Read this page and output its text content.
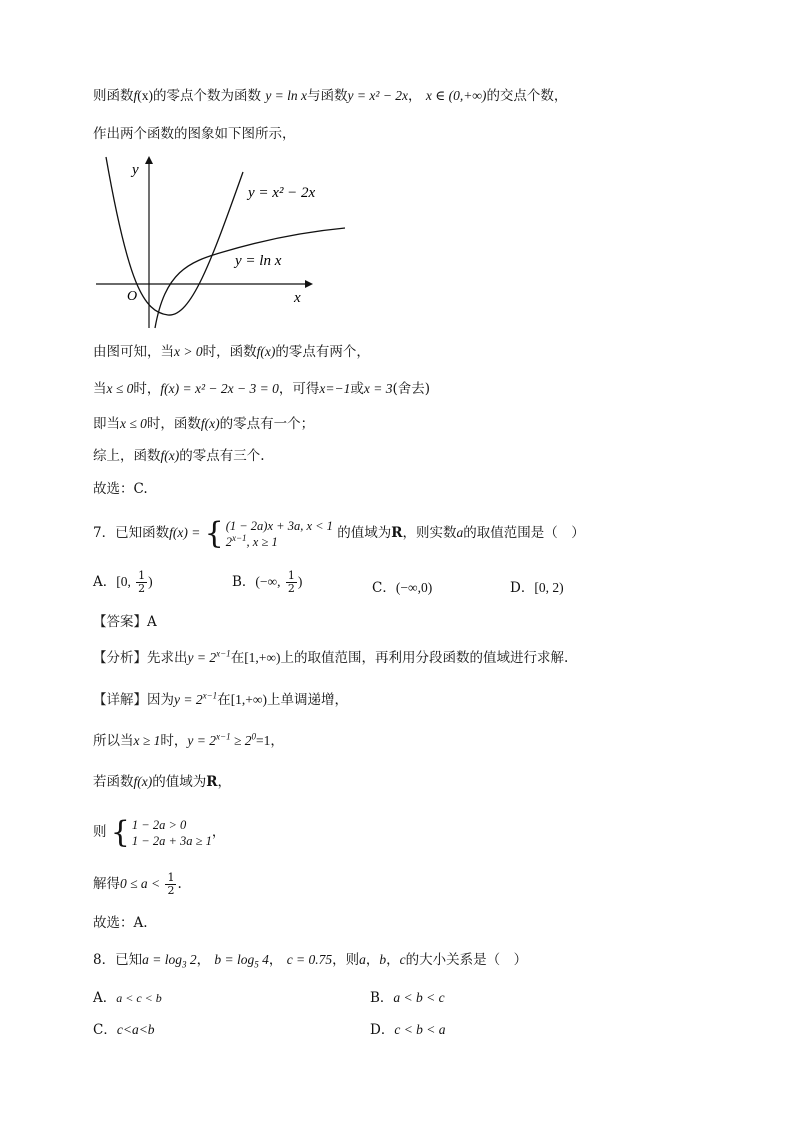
则函数f(x)的零点个数为函数 y = ln x与函数y = x² − 2x， x ∈ (0,+∞)的交点个数，
作出两个函数的图象如下图所示，
y
x
O
y = x² − 2x
y = ln x
由图可知，当x > 0时，函数f(x)的零点有两个，
当x ≤ 0时，f(x) = x² − 2x − 3 = 0，可得x=−1或x = 3(舍去)
即当x ≤ 0时，函数f(x)的零点有一个；
综上，函数f(x)的零点有三个.
故选：C.
7．已知函数f(x) = { (1 − 2a)x + 3a, x < 1
$2^{x-1}$, x ≥ 1
的值域为R，则实数a的取值范围是（　）
A．[0, $\frac{1}{2}$ )	B．(−∞, $\frac{1}{2}$ )	C．(−∞,0)	D．[0, 2)
【答案】A
【分析】先求出$y = 2^{x-1}$在[1,+∞)上的取值范围，再利用分段函数的值域进行求解.
【详解】因为$y = 2^{x-1}$在[1,+∞)上单调递增，
所以当x ≥ 1时，$y = 2^{x-1} \ge 2^0=1$，
若函数f(x)的值域为R，
则 { 1 − 2a > 0
1 − 2a + 3a ≥ 1
，
解得$0 \le a < \frac{1}{2}$ .
故选：A.
8．已知$a = \log_3 2$， $b = \log_5 4$， c = 0.75，则a，b，c的大小关系是（　）
A．a < c < b	B．a < b < c
C．c<a<b	D．c < b < a
